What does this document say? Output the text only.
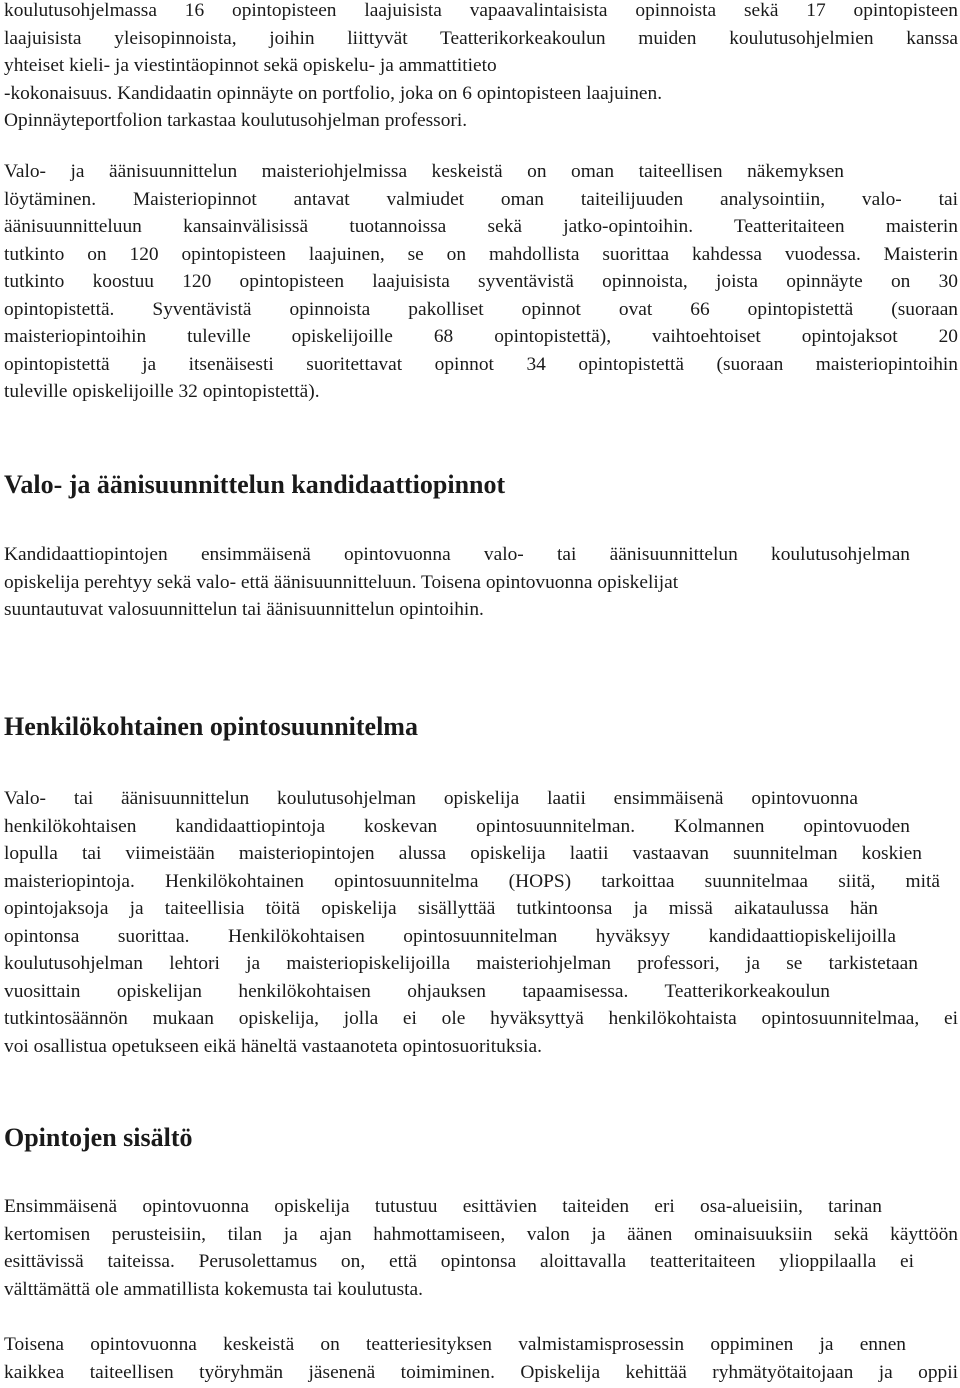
koulutusohjelmassa 16 opintopisteen laajuisista vapaavalintaisista opinnoista sekä 17 opintopisteen
laajuisista yleisopinnoista, joihin liittyvät Teatterikorkeakoulun muiden koulutusohjelmien kanssa
yhteiset kieli- ja viestintäopinnot sekä opiskelu- ja ammattitieto
-kokonaisuus. Kandidaatin opinnäyte on portfolio, joka on 6 opintopisteen laajuinen.
Opinnäyteportfolion tarkastaa koulutusohjelman professori.

Valo- ja äänisuunnittelun maisteriohjelmissa keskeistä on oman taiteellisen näkemyksen
löytäminen. Maisteriopinnot antavat valmiudet oman taiteilijuuden analysointiin, valo- tai
äänisuunnitteluun kansainvälisissä tuotannoissa sekä jatko-opintoihin. Teatteritaiteen maisterin
tutkinto on 120 opintopisteen laajuinen, se on mahdollista suorittaa kahdessa vuodessa. Maisterin
tutkinto koostuu 120 opintopisteen laajuisista syventävistä opinnoista, joista opinnäyte on 30
opintopistettä. Syventävistä opinnoista pakolliset opinnot ovat 66 opintopistettä (suoraan
maisteriopintoihin tuleville opiskelijoille 68 opintopistettä), vaihtoehtoiset opintojaksot 20
opintopistettä ja itsenäisesti suoritettavat opinnot 34 opintopistettä (suoraan maisteriopintoihin
tuleville opiskelijoille 32 opintopistettä).

Valo- ja äänisuunnittelun kandidaattiopinnot

Kandidaattiopintojen ensimmäisenä opintovuonna valo- tai äänisuunnittelun koulutusohjelman
opiskelija perehtyy sekä valo- että äänisuunnitteluun. Toisena opintovuonna opiskelijat
suuntautuvat valosuunnittelun tai äänisuunnittelun opintoihin.

Henkilökohtainen opintosuunnitelma

Valo- tai äänisuunnittelun koulutusohjelman opiskelija laatii ensimmäisenä opintovuonna
henkilökohtaisen kandidaattiopintoja koskevan opintosuunnitelman. Kolmannen opintovuoden
lopulla tai viimeistään maisteriopintojen alussa opiskelija laatii vastaavan suunnitelman koskien
maisteriopintoja. Henkilökohtainen opintosuunnitelma (HOPS) tarkoittaa suunnitelmaa siitä, mitä
opintojaksoja ja taiteellisia töitä opiskelija sisällyttää tutkintoonsa ja missä aikataulussa hän
opintonsa suorittaa. Henkilökohtaisen opintosuunnitelman hyväksyy kandidaattiopiskelijoilla
koulutusohjelman lehtori ja maisteriopiskelijoilla maisteriohjelman professori, ja se tarkistetaan
vuosittain opiskelijan henkilökohtaisen ohjauksen tapaamisessa. Teatterikorkeakoulun
tutkintosäännön mukaan opiskelija, jolla ei ole hyväksyttyä henkilökohtaista opintosuunnitelmaa, ei
voi osallistua opetukseen eikä häneltä vastaanoteta opintosuorituksia.

Opintojen sisältö

Ensimmäisenä opintovuonna opiskelija tutustuu esittävien taiteiden eri osa-alueisiin, tarinan
kertomisen perusteisiin, tilan ja ajan hahmottamiseen, valon ja äänen ominaisuuksiin sekä käyttöön
esittävissä taiteissa. Perusolettamus on, että opintonsa aloittavalla teatteritaiteen ylioppilaalla ei
välttämättä ole ammatillista kokemusta tai koulutusta.

Toisena opintovuonna keskeistä on teatteriesityksen valmistamisprosessin oppiminen ja ennen
kaikkea taiteellisen työryhmän jäsenenä toimiminen. Opiskelija kehittää ryhmätyötaitojaan ja oppii
